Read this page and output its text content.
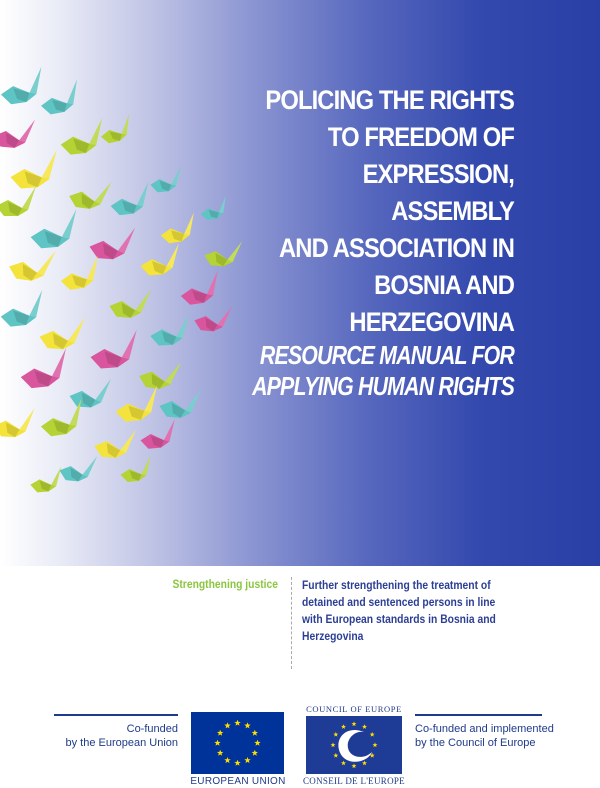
POLICING THE RIGHTS
TO FREEDOM OF
EXPRESSION, ASSEMBLY
AND ASSOCIATION IN
BOSNIA AND
HERZEGOVINA
RESOURCE MANUAL FOR
APPLYING HUMAN RIGHTS
Strengthening justice Further strengthening the treatment of
detained and sentenced persons in line
with European standards in Bosnia and
Herzegovina
Co-funded
by the European Union
EUROPEAN UNION
COUNCIL OF EUROPE
CONSEIL DE L'EUROPE
Co-funded and implemented
by the Council of Europe
